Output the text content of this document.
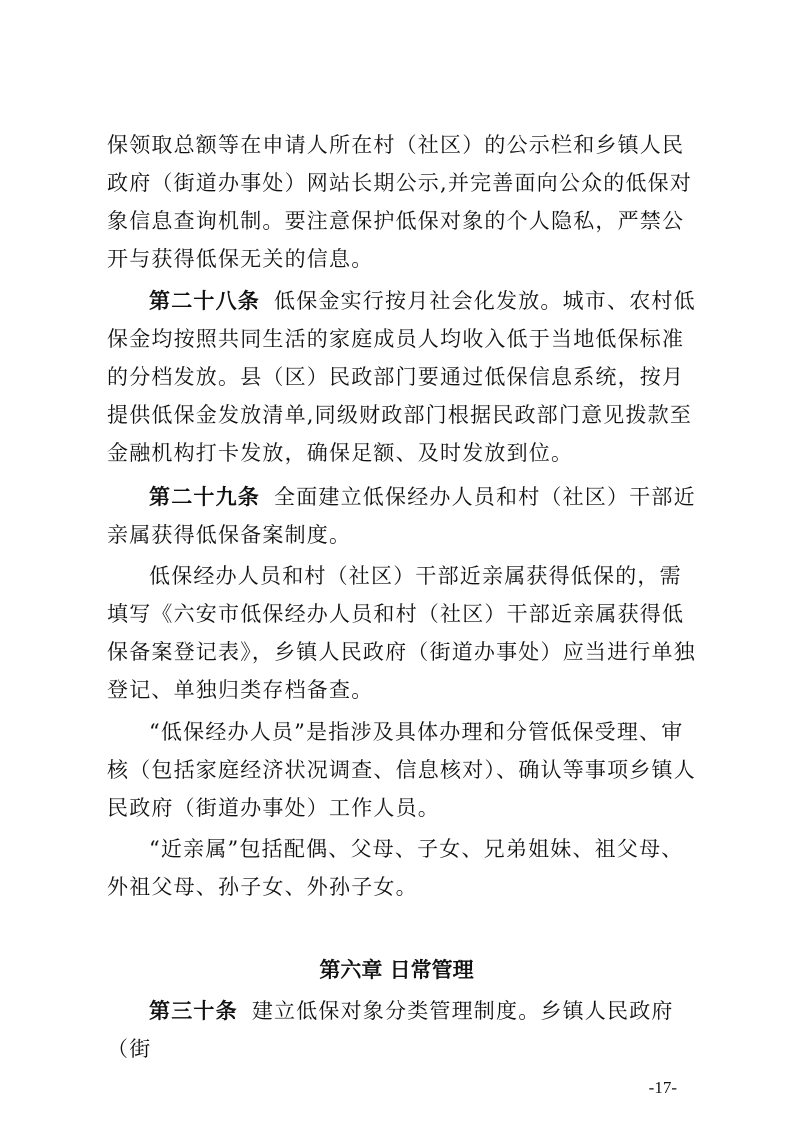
保领取总额等在申请人所在村（社区）的公示栏和乡镇人民政府（街道办事处）网站长期公示,并完善面向公众的低保对象信息查询机制。要注意保护低保对象的个人隐私，严禁公开与获得低保无关的信息。

第二十八条 低保金实行按月社会化发放。城市、农村低保金均按照共同生活的家庭成员人均收入低于当地低保标准的分档发放。县（区）民政部门要通过低保信息系统，按月提供低保金发放清单,同级财政部门根据民政部门意见拨款至金融机构打卡发放，确保足额、及时发放到位。

第二十九条 全面建立低保经办人员和村（社区）干部近亲属获得低保备案制度。

低保经办人员和村（社区）干部近亲属获得低保的，需填写《六安市低保经办人员和村（社区）干部近亲属获得低保备案登记表》，乡镇人民政府（街道办事处）应当进行单独登记、单独归类存档备查。

“低保经办人员”是指涉及具体办理和分管低保受理、审核（包括家庭经济状况调查、信息核对）、确认等事项乡镇人民政府（街道办事处）工作人员。

“近亲属”包括配偶、父母、子女、兄弟姐妹、祖父母、外祖父母、孙子女、外孙子女。

第六章 日常管理

第三十条 建立低保对象分类管理制度。乡镇人民政府（街

-17-
